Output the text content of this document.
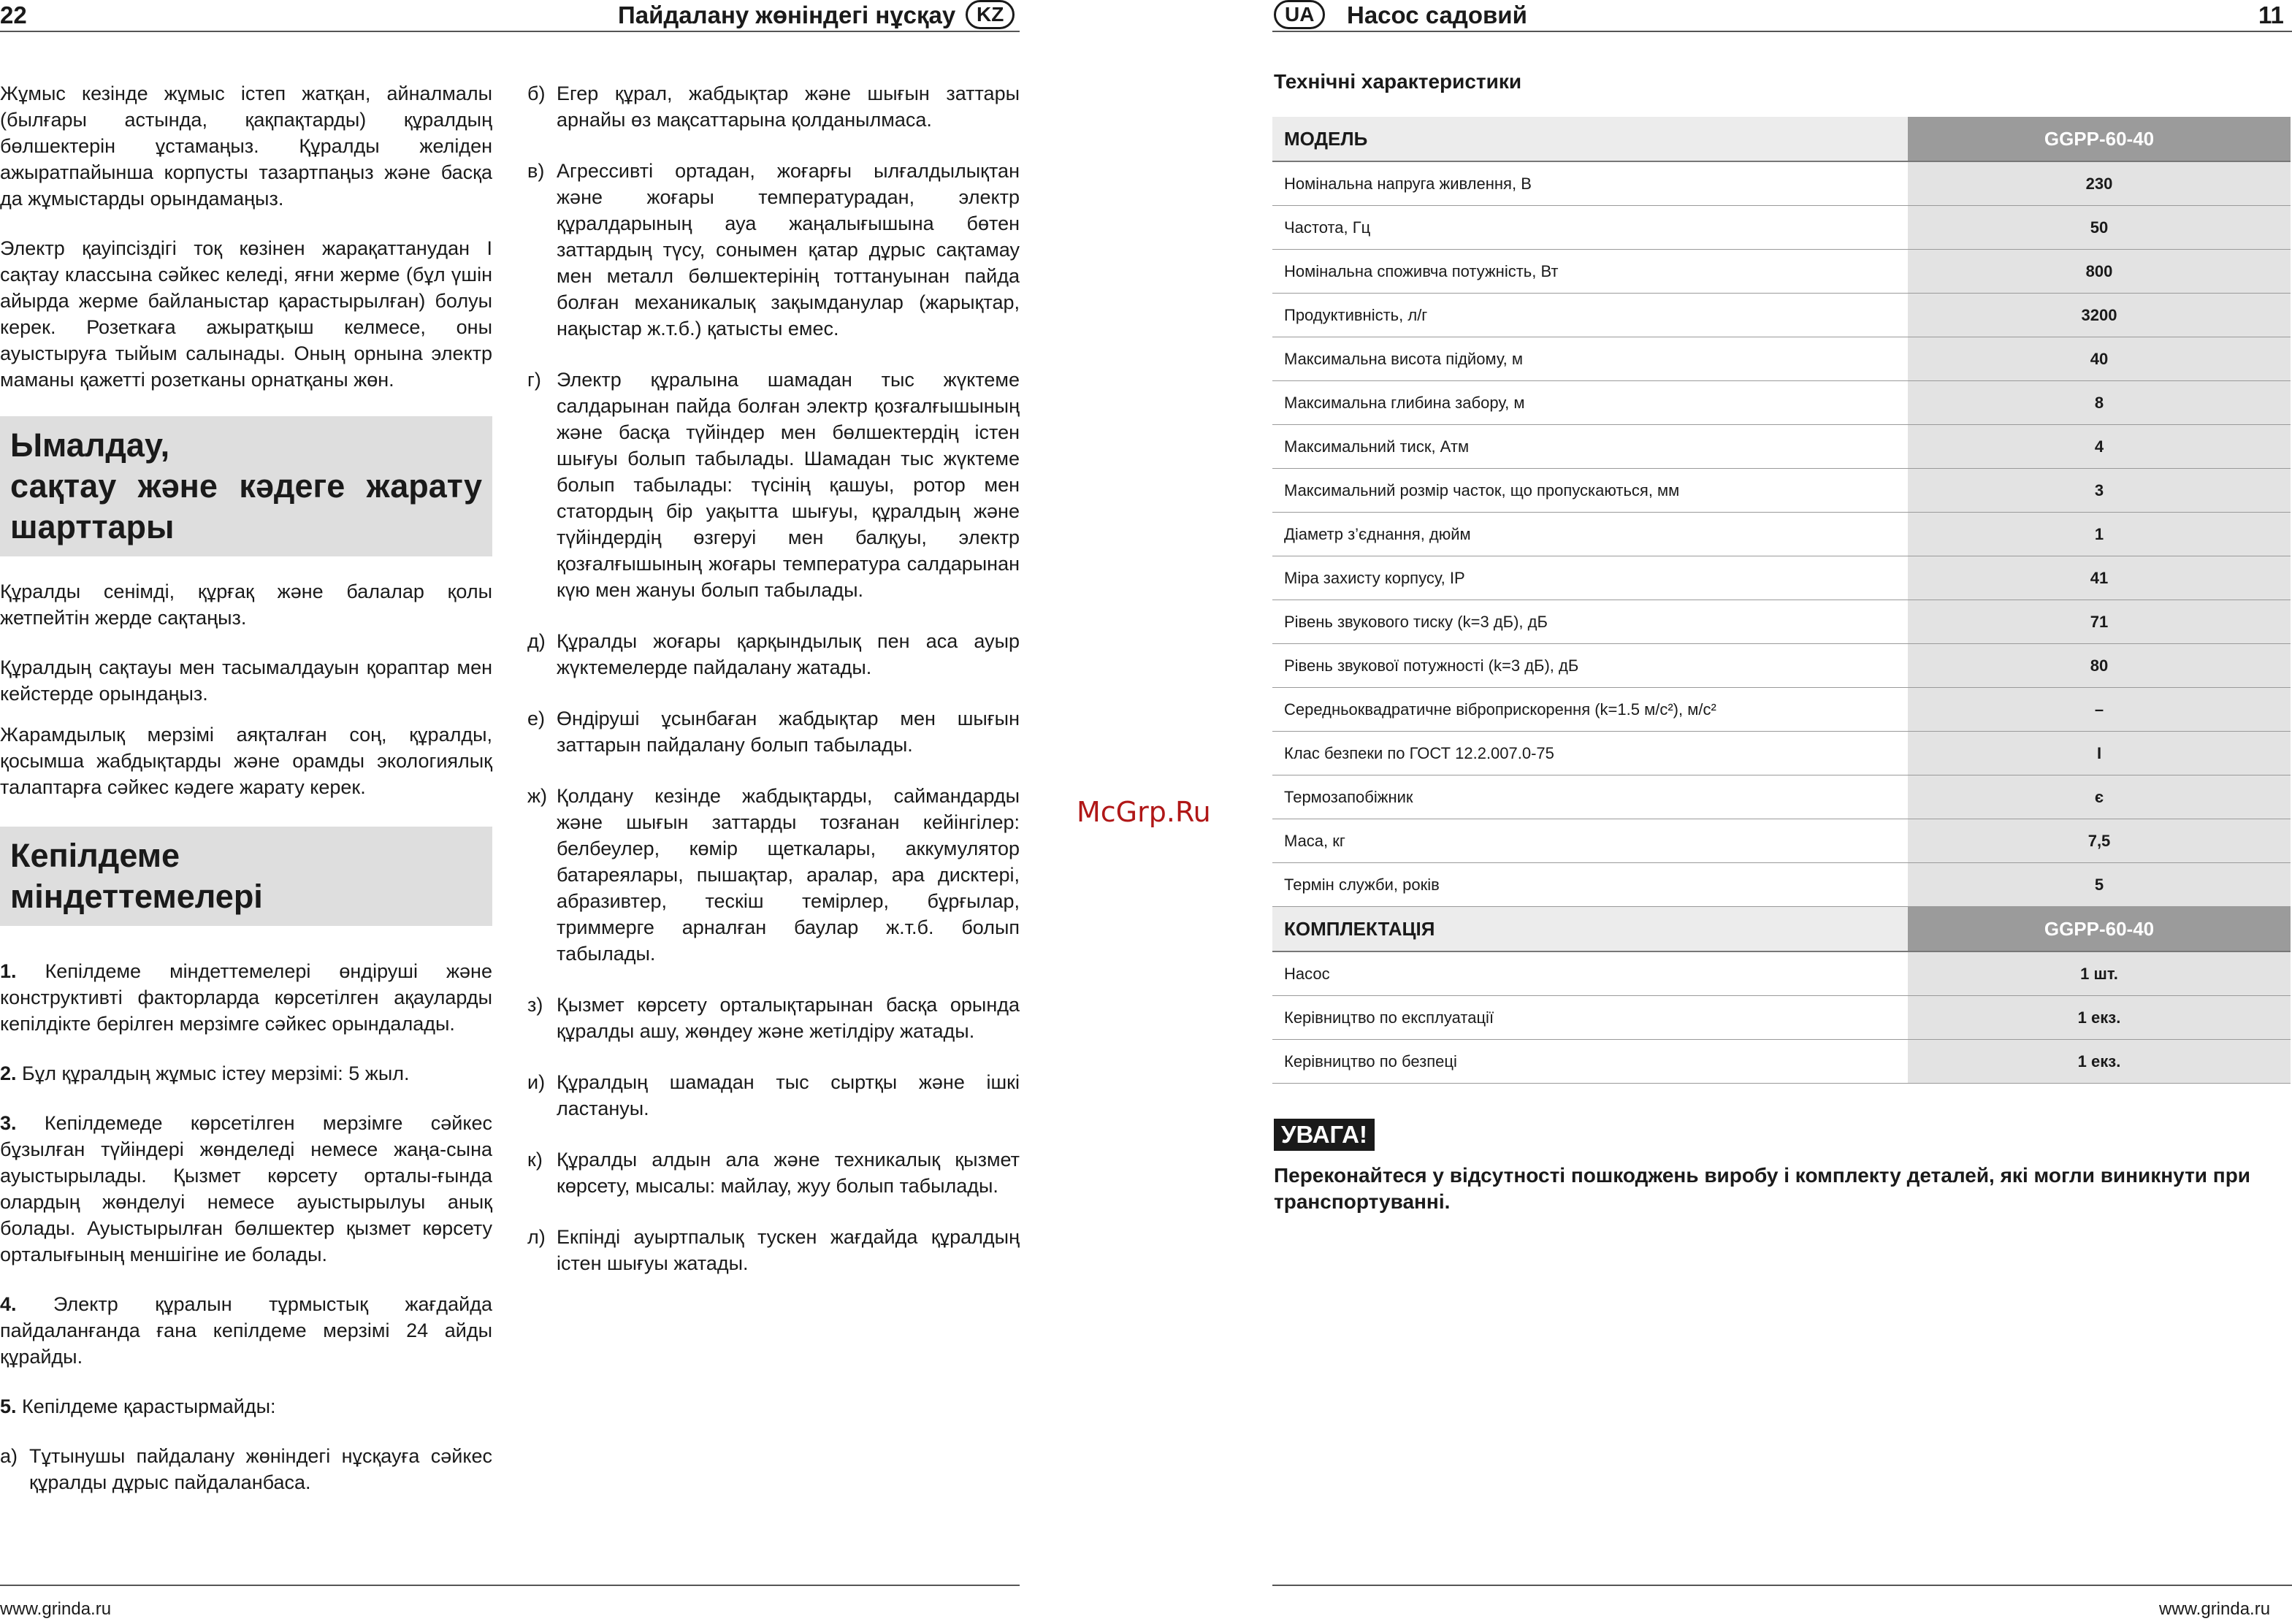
22	Пайдалану жөніндегі нұсқау	KZ

Жұмыс кезінде жұмыс істеп жатқан, айналмалы (былғары астында, қақпақтарды) құралдың бөлшектерін ұстамаңыз. Құралды желіден ажыратпайынша корпусты тазартпаңыз және басқа да жұмыстарды орындамаңыз.

Электр қауіпсіздігі тоқ көзінен жарақаттанудан I сақтау классына сәйкес келеді, яғни жерме (бұл үшін айырда жерме байланыстар қарастырылған) болуы керек. Розеткаға ажыратқыш келмесе, оны ауыстыруға тыйым салынады. Оның орнына электр маманы қажетті розетканы орнатқаны жөн.

Ымалдау,
сақтау және кәдеге жарату шарттары

Құралды сенімді, құрғақ және балалар қолы жетпейтін жерде сақтаңыз.

Құралдың сақтауы мен тасымалдауын қораптар мен кейстерде орындаңыз.

Жарамдылық мерзімі аяқталған соң, құралды, қосымша жабдықтарды және орамды экологиялық талаптарға сәйкес кәдеге жарату керек.

Кепілдеме
міндеттемелері

1. Кепілдеме міндеттемелері өндіруші және конструктивті факторларда көрсетілген ақауларды кепілдікте берілген мерзімге сәйкес орындалады.

2. Бұл құралдың жұмыс істеу мерзімі: 5 жыл.

3. Кепілдемеде көрсетілген мерзімге сәйкес бұзылған түйіндері жөнделеді немесе жаңа-сына ауыстырылады. Қызмет көрсету орталы-ғында олардың жөнделуі немесе ауыстырылуы анық болады. Ауыстырылған бөлшектер қызмет көрсету орталығының меншігіне ие болады.

4. Электр құралын тұрмыстық жағдайда пайдаланғанда ғана кепілдеме мерзімі 24 айды құрайды.

5. Кепілдеме қарастырмайды:

а) Тұтынушы пайдалану жөніндегі нұсқауға сәйкес құралды дұрыс пайдаланбаса.
б) Егер құрал, жабдықтар және шығын заттары арнайы өз мақсаттарына қолданылмаса.
в) Агрессивті ортадан, жоғарғы ылғалдылықтан және жоғары температурадан, электр құралдарының ауа жаңалығышына бөтен заттардың түсу, сонымен қатар дұрыс сақтамау мен металл бөлшектерінің тоттануынан пайда болған механикалық зақымданулар (жарықтар, нақыстар ж.т.б.) қатысты емес.
г) Электр құралына шамадан тыс жүктеме салдарынан пайда болған электр қозғалғышының және басқа түйіндер мен бөлшектердің істен шығуы болып табылады. Шамадан тыс жүктеме болып табылады: түсінің қашуы, ротор мен статордың бір уақытта шығуы, құралдың және түйіндердің өзгеруі мен балқуы, электр қозғалғышының жоғары температура салдарынан күю мен жануы болып табылады.
д) Құралды жоғары қарқындылық пен аса ауыр жүктемелерде пайдалану жатады.
е) Өндіруші ұсынбаған жабдықтар мен шығын заттарын пайдалану болып табылады.
ж) Қолдану кезінде жабдықтарды, саймандарды және шығын заттарды тозғанан кейінгілер: белбеулер, көмір щеткалары, аккумулятор батареялары, пышақтар, аралар, ара дисктері, абразивтер, тескіш темірлер, бұрғылар, триммерге арналған баулар ж.т.б. болып табылады.
з) Қызмет көрсету орталықтарынан басқа орында құралды ашу, жөндеу және жетілдіру жатады.
и) Құралдың шамадан тыс сыртқы және ішкі ластануы.
к) Құралды алдын ала және техникалық қызмет көрсету, мысалы: майлау, жуу болып табылады.
л) Екпінді ауыртпалық тускен жағдайда құралдың істен шығуы жатады.
www.grinda.ru
McGrp.Ru
UA	Насос садовий	11
Технічні характеристики
МОДЕЛЬ	GGPP-60-40
Номінальна напруга живлення, В	230
Частота, Гц	50
Номінальна споживча потужність, Вт	800
Продуктивність, л/г	3200
Максимальна висота підйому, м	40
Максимальна глибина забору, м	8
Максимальний тиск, Атм	4
Максимальний розмір часток, що пропускаються, мм	3
Діаметр з’єднання, дюйм	1
Міра захисту корпусу, IP	41
Рівень звукового тиску (k=3 дБ), дБ	71
Рівень звукової потужності (k=3 дБ), дБ	80
Середньоквадратичне віброприскорення (k=1.5 м/с²), м/с²	–
Клас безпеки по ГОСТ 12.2.007.0-75	I
Термозапобіжник	є
Маса, кг	7,5
Термін служби, років	5
КОМПЛЕКТАЦІЯ	GGPP-60-40
Насос	1 шт.
Керівництво по експлуатації	1 екз.
Керівництво по безпеці	1 екз.
УВАГА!
Переконайтеся у відсутності пошкоджень виробу і комплекту деталей, які могли виникнути при транспортуванні.
www.grinda.ru
